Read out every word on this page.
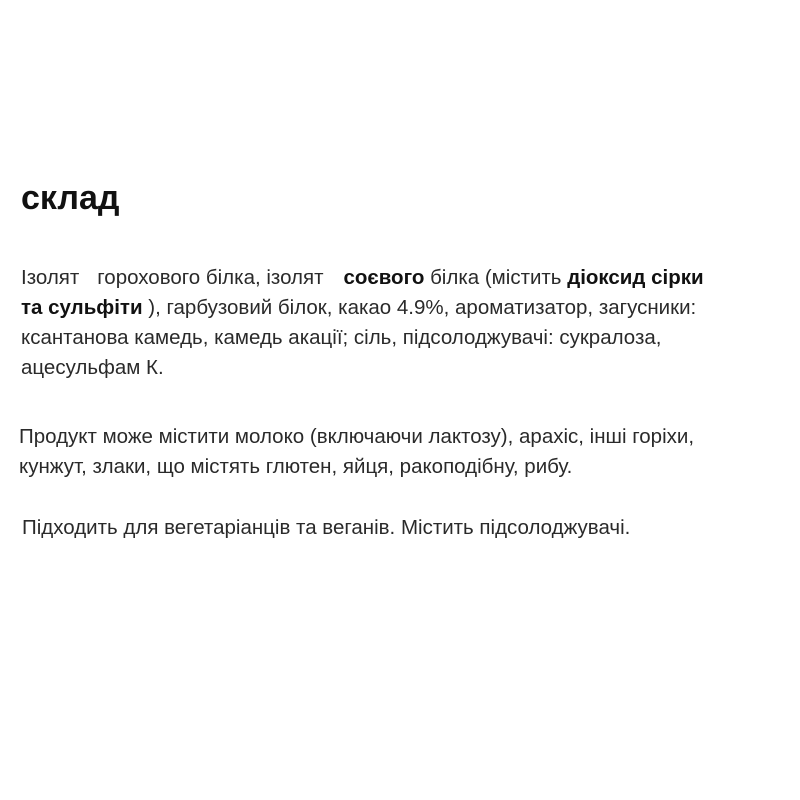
склад

Ізолят горохового білка, ізолят соєвого білка (містить діоксид сірки
та сульфіти ), гарбузовий білок, какао 4.9%, ароматизатор, загусники:
ксантанова камедь, камедь акації; сіль, підсолоджувачі: сукралоза,
ацесульфам К.

Продукт може містити молоко (включаючи лактозу), арахіс, інші горіхи,
кунжут, злаки, що містять глютен, яйця, ракоподібну, рибу.

Підходить для вегетаріанців та веганів. Містить підсолоджувачі.
